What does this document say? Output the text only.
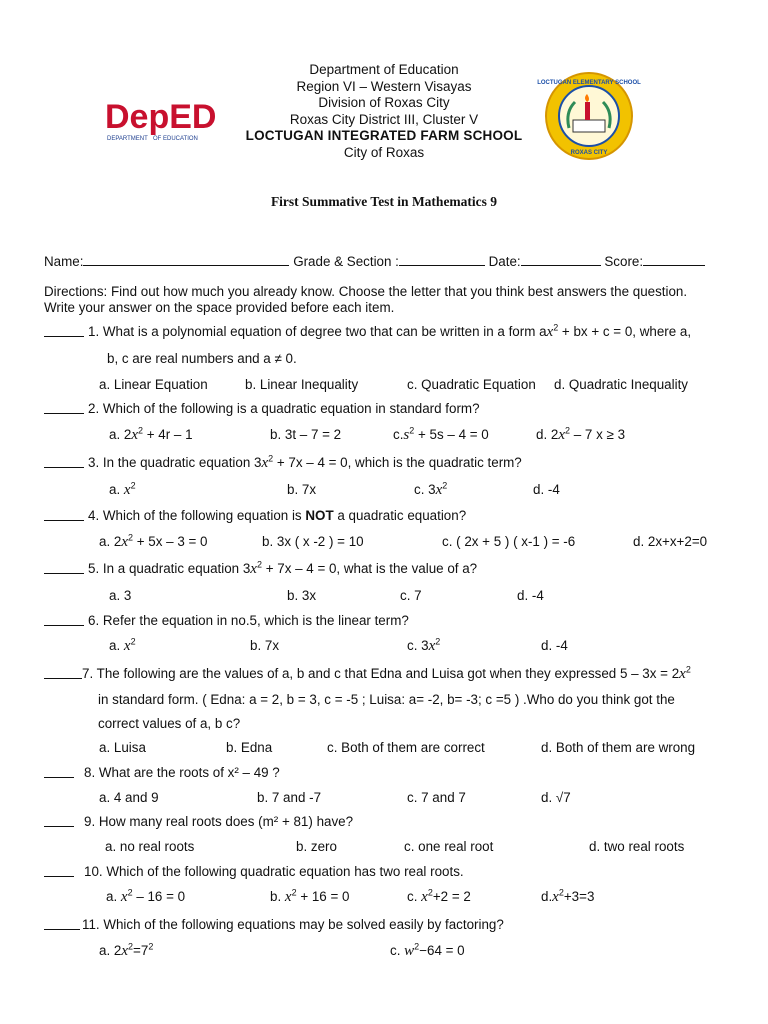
DepED
DEPARTMENT OF EDUCATION
LOCTUGAN ELEMENTARY SCHOOL
ROXAS CITY
Department of Education
Region VI – Western Visayas
Division of Roxas City
Roxas City District III, Cluster V
LOCTUGAN INTEGRATED FARM SCHOOL
City of Roxas
First Summative Test in Mathematics 9
Name:	Grade & Section :	Date:	Score:
Directions: Find out how much you already know. Choose the letter that you think best answers the question.
Write your answer on the space provided before each item.
1. What is a polynomial equation of degree two that can be written in a form $ax^2$ + bx + c = 0, where a,
b, c are real numbers and a ≠ 0.
a. Linear Equation	b. Linear Inequality	c. Quadratic Equation d. Quadratic Inequality
2. Which of the following is a quadratic equation in standard form?
a. $2x^2 + 4r - 1$	b. 3t – 7 = 2	$c.s^2 + 5s - 4 = 0$	d. $2x^2 - 7$ x ≥ 3
3. In the quadratic equation $3x^2 + 7x - 4 = 0$, which is the quadratic term?
a. $x^2$	b. 7x	c. $3x^2$	d. -4
4. Which of the following equation is NOT a quadratic equation?
a. $2x^2 + 5x - 3 = 0$	b. 3x ( x -2 ) = 10	c. ( 2x + 5 ) ( x-1 ) = -6	d. 2x+x+2=0
5. In a quadratic equation $3x^2 + 7x - 4 = 0$, what is the value of a?
a. 3	b. 3x	c. 7	d. -4
6. Refer the equation in no.5, which is the linear term?
a. $x^2$	b. 7x	c. $3x^2$	d. -4
7. The following are the values of a, b and c that Edna and Luisa got when they expressed $5 - 3x = 2x^2$
in standard form. ( Edna: a = 2, b = 3, c = -5 ; Luisa: a= -2, b= -3; c =5 ) .Who do you think got the
correct values of a, b c?
a. Luisa	b. Edna	c. Both of them are correct	d. Both of them are wrong
8. What are the roots of x² – 49 ?
a. 4 and 9	b. 7 and -7	c. 7 and 7	d. √7
9. How many real roots does (m² + 81) have?
a. no real roots	b. zero	c. one real root	d. two real roots
10. Which of the following quadratic equation has two real roots.
a. $x^2 - 16 = 0$	b. $x^2 + 16 = 0$	c. $x^2+2 = 2$	$d.x^2+3=3$
11. Which of the following equations may be solved easily by factoring?
a. $2x^2=7^2$	c. $w^2-64 = 0$
